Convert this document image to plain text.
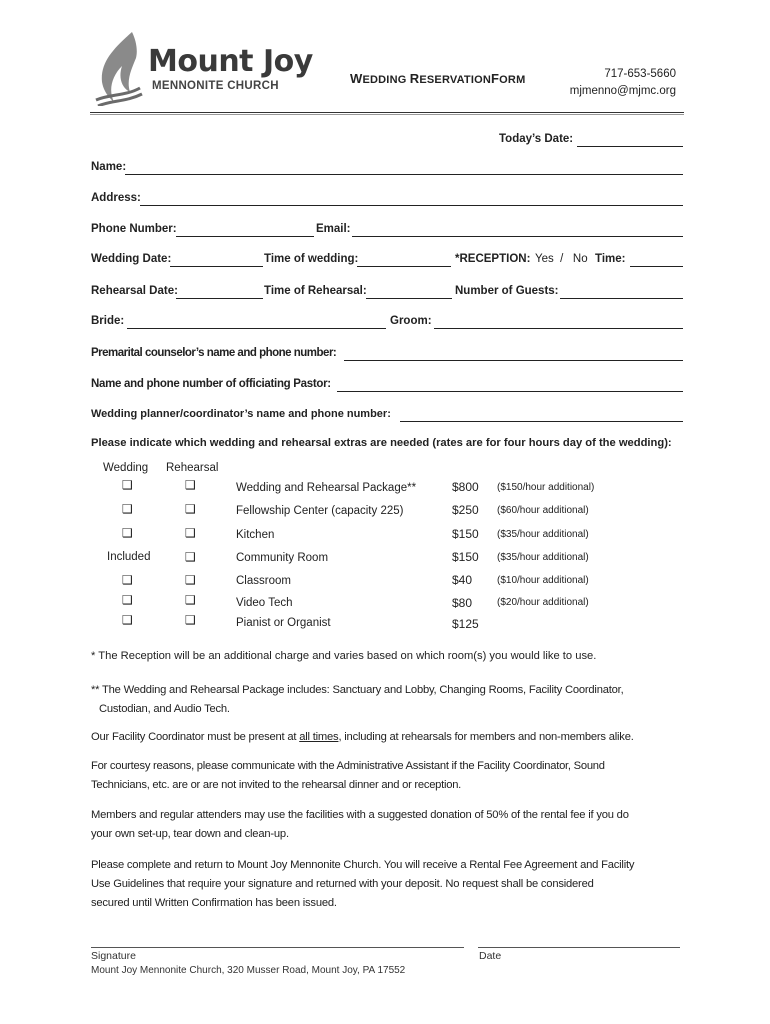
Mount Joy
MENNONITE CHURCH	WEDDING RESERVATIONFORM	717-653-5660
mjmenno@mjmc.org
Today’s Date:
Name:
Address:
Phone Number:	Email:
Wedding Date:	Time of wedding:	*RECEPTION: Yes  /   No Time:
Rehearsal Date:	Time of Rehearsal:	Number of Guests:
Bride:	Groom:
Premarital counselor’s name and phone number:
Name and phone number of officiating Pastor:
Wedding planner/coordinator’s name and phone number:
Please indicate which wedding and rehearsal extras are needed (rates are for four hours day of the wedding):
Wedding Rehearsal
❑	❑	Wedding and Rehearsal Package**	$800 ($150/hour additional)
❑	❑	Fellowship Center (capacity 225)	$250 ($60/hour additional)
❑	❑	Kitchen	$150 ($35/hour additional)
Included	❑	Community Room	$150 ($35/hour additional)
❑	❑	Classroom	$40 ($10/hour additional)
❑	❑	Video Tech	$80 ($20/hour additional)
❑	❑	Pianist or Organist	$125
* The Reception will be an additional charge and varies based on which room(s) you would like to use.
** The Wedding and Rehearsal Package includes: Sanctuary and Lobby, Changing Rooms, Facility Coordinator,
Custodian, and Audio Tech.
Our Facility Coordinator must be present at all times, including at rehearsals for members and non-members alike.
For courtesy reasons, please communicate with the Administrative Assistant if the Facility Coordinator, Sound
Technicians, etc. are or are not invited to the rehearsal dinner and or reception.
Members and regular attenders may use the facilities with a suggested donation of 50% of the rental fee if you do
your own set-up, tear down and clean-up.
Please complete and return to Mount Joy Mennonite Church. You will receive a Rental Fee Agreement and Facility
Use Guidelines that require your signature and returned with your deposit. No request shall be considered
secured until Written Confirmation has been issued.
Signature	Date
Mount Joy Mennonite Church, 320 Musser Road, Mount Joy, PA 17552
